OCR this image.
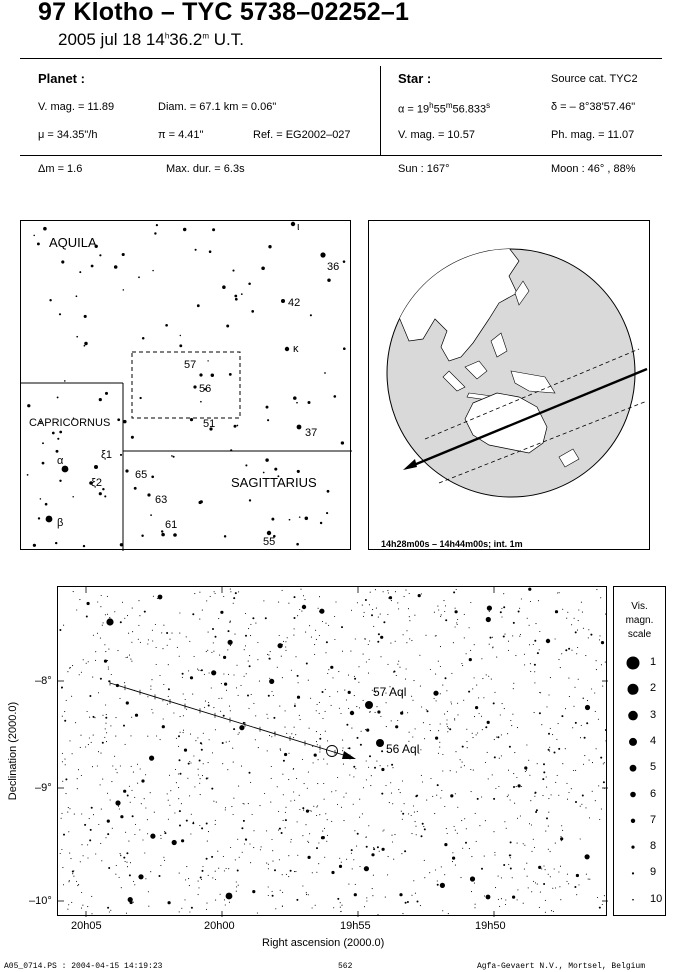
97 Klotho – TYC 5738–02252–1
2005 jul 18 14$^h$36.2$^m$ U.T.
Planet :
V. mag. = 11.89	Diam. = 67.1 km = 0.06"
μ = 34.35"/h	π = 4.41"	Ref. = EG2002–027
Δm = 1.6	Max. dur. = 6.3s
Star :	Source cat. TYC2
$\alpha = 19^h55^m56.833^s$	δ = – 8°38'57.46"
V. mag. = 10.57	Ph. mag. = 11.07
Sun : 167°	Moon : 46° , 88%
AQUILA
CAPRICORNUS
SAGITTARIUS
ι
36
42
κ
57
56
51
37
α	ξ1
ξ2
β
65
63
61
55	14h28m00s – 14h44m00s; int. 1m
57 Aql
56 Aql
–8°
–9°
–10°
20h05	20h00	19h55	19h50
Right ascension (2000.0)
Declination (2000.0)
Vis.
magn.
scale
1
2
3
4
5
6
7
8
9
10
A05_0714.PS : 2004-04-15 14:19:23	562	Agfa-Gevaert N.V., Mortsel, Belgium
